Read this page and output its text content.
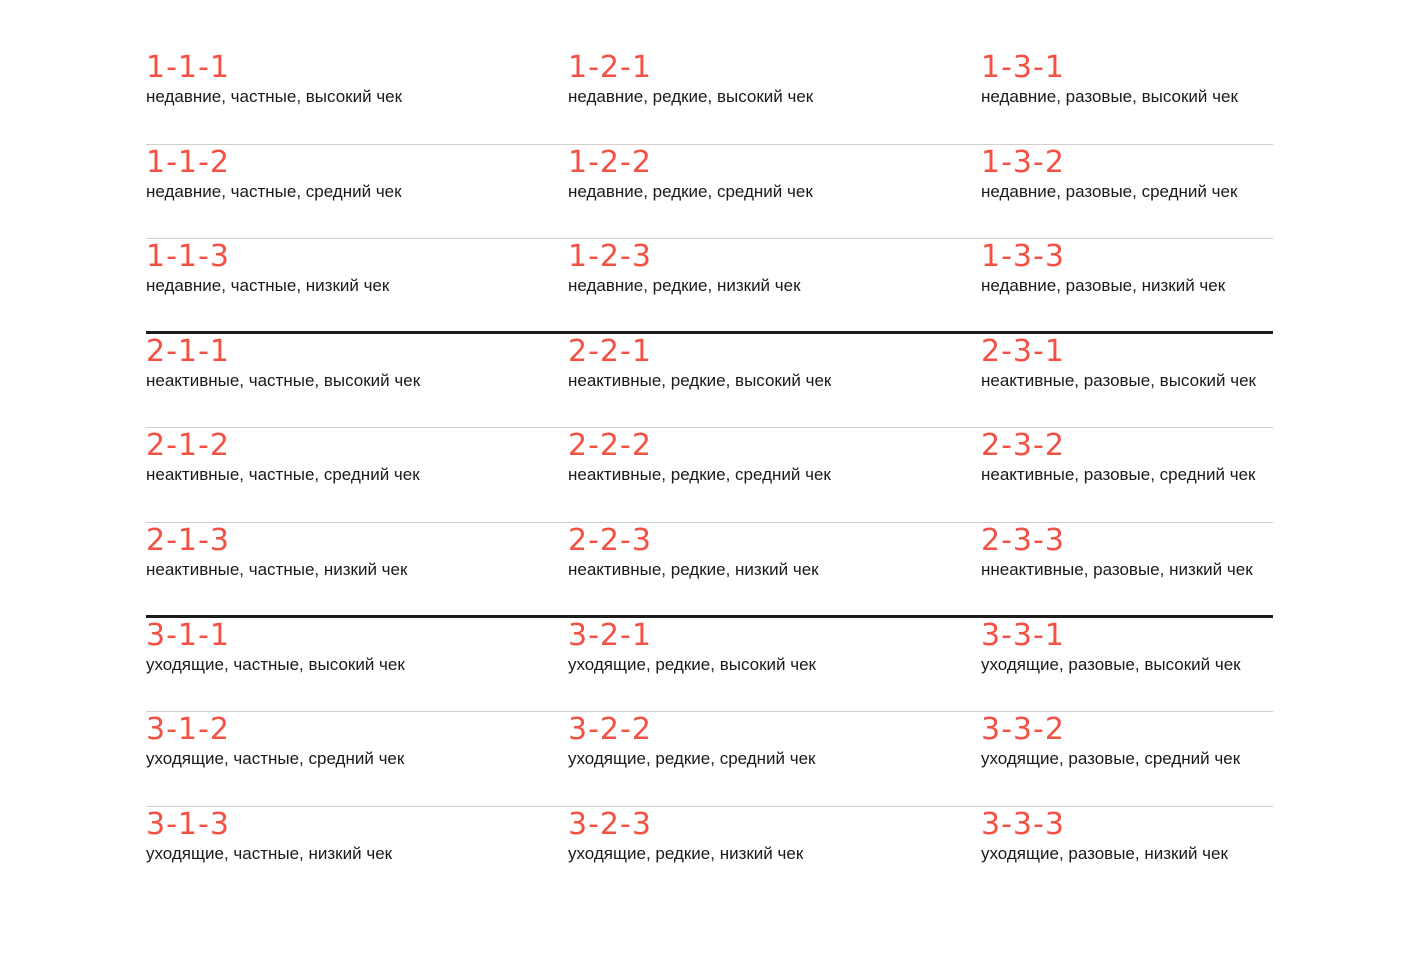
1-1-1
недавние, частные, высокий чек
1-2-1
недавние, редкие, высокий чек
1-3-1
недавние, разовые, высокий чек
1-1-2
недавние, частные, средний чек
1-2-2
недавние, редкие, средний чек
1-3-2
недавние, разовые, средний чек
1-1-3
недавние, частные, низкий чек
1-2-3
недавние, редкие, низкий чек
1-3-3
недавние, разовые, низкий чек
2-1-1
неактивные, частные, высокий чек
2-2-1
неактивные, редкие, высокий чек
2-3-1
неактивные, разовые, высокий чек
2-1-2
неактивные, частные, средний чек
2-2-2
неактивные, редкие, средний чек
2-3-2
неактивные, разовые, средний чек
2-1-3
неактивные, частные, низкий чек
2-2-3
неактивные, редкие, низкий чек
2-3-3
ннеактивные, разовые, низкий чек
3-1-1
уходящие, частные, высокий чек
3-2-1
уходящие, редкие, высокий чек
3-3-1
уходящие, разовые, высокий чек
3-1-2
уходящие, частные, средний чек
3-2-2
уходящие, редкие, средний чек
3-3-2
уходящие, разовые, средний чек
3-1-3
уходящие, частные, низкий чек
3-2-3
уходящие, редкие, низкий чек
3-3-3
уходящие, разовые, низкий чек
